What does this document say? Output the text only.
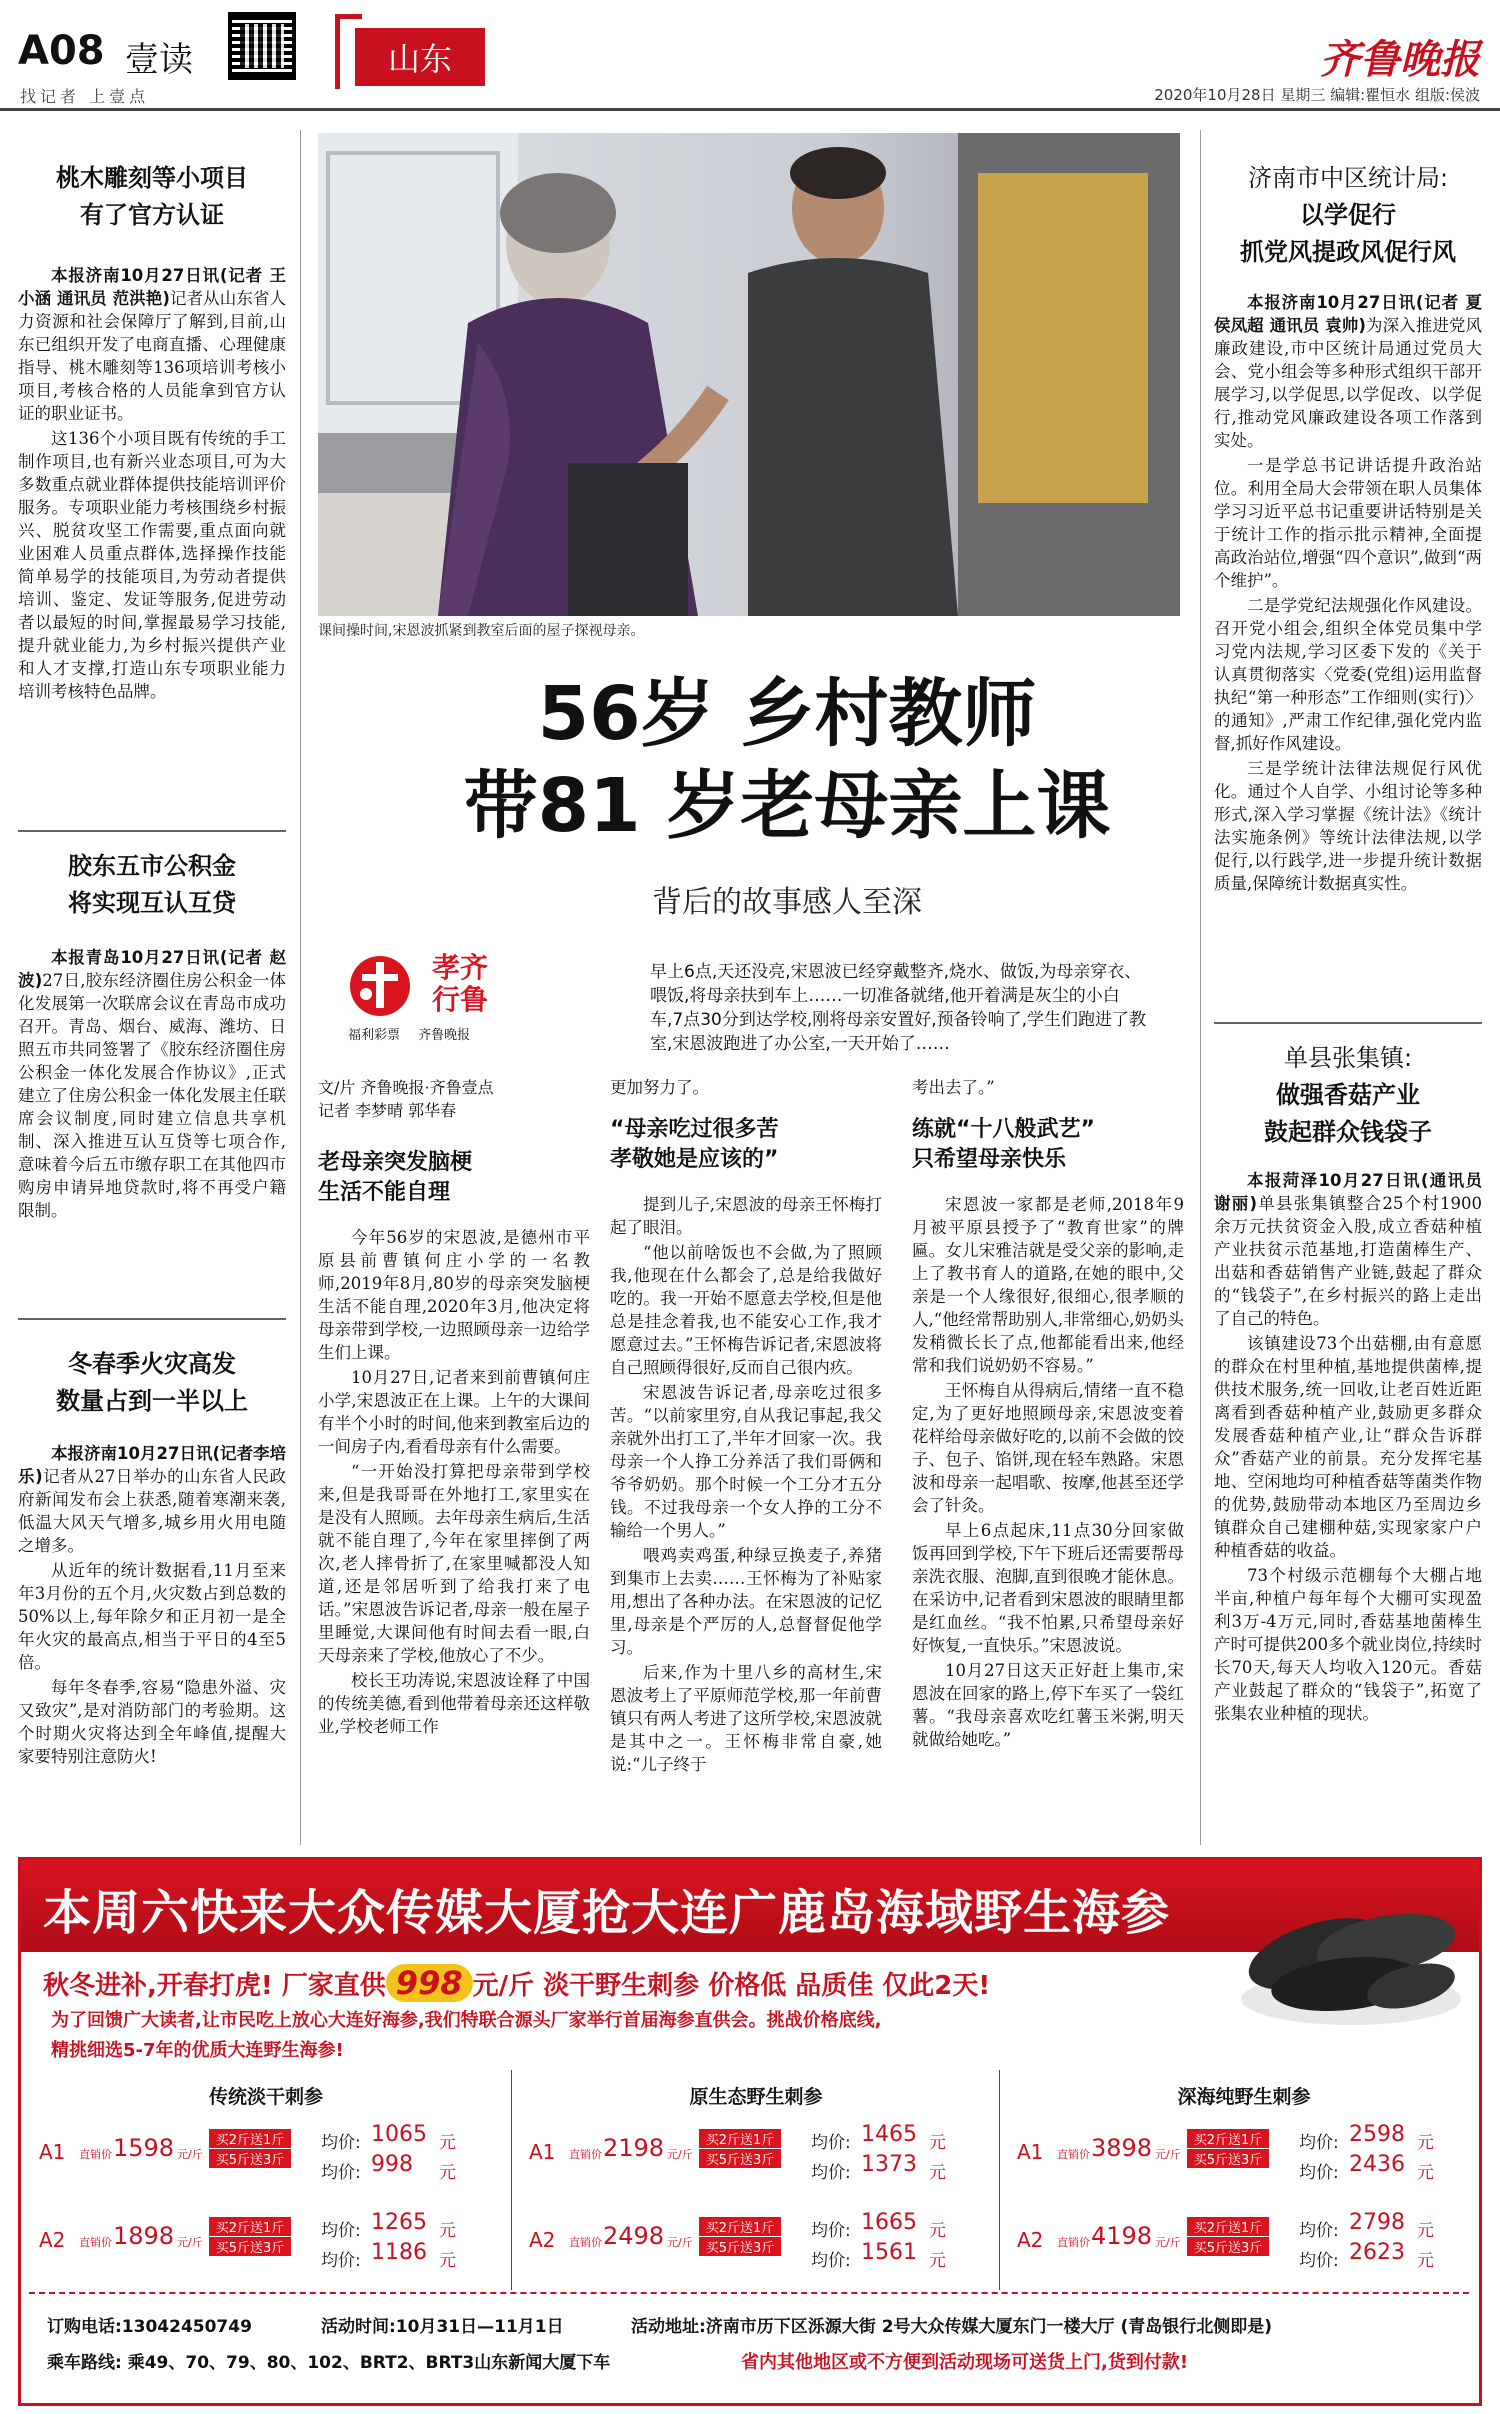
A08 壹读
找记者 上壹点
山东	齐鲁晚报
2020年10月28日 星期三 编辑:瞿恒水 组版:侯波
桃木雕刻等小项目
有了官方认证

本报济南10月27日讯(记者 王小涵 通讯员 范洪艳)记者从山东省人力资源和社会保障厅了解到,目前,山东已组织开发了电商直播、心理健康指导、桃木雕刻等136项培训考核小项目,考核合格的人员能拿到官方认证的职业证书。

这136个小项目既有传统的手工制作项目,也有新兴业态项目,可为大多数重点就业群体提供技能培训评价服务。专项职业能力考核围绕乡村振兴、脱贫攻坚工作需要,重点面向就业困难人员重点群体,选择操作技能简单易学的技能项目,为劳动者提供培训、鉴定、发证等服务,促进劳动者以最短的时间,掌握最易学习技能,提升就业能力,为乡村振兴提供产业和人才支撑,打造山东专项职业能力培训考核特色品牌。

胶东五市公积金
将实现互认互贷

本报青岛10月27日讯(记者 赵波)27日,胶东经济圈住房公积金一体化发展第一次联席会议在青岛市成功召开。青岛、烟台、威海、潍坊、日照五市共同签署了《胶东经济圈住房公积金一体化发展合作协议》,正式建立了住房公积金一体化发展主任联席会议制度,同时建立信息共享机制、深入推进互认互贷等七项合作,意味着今后五市缴存职工在其他四市购房申请异地贷款时,将不再受户籍限制。

冬春季火灾高发
数量占到一半以上

本报济南10月27日讯(记者李培乐)记者从27日举办的山东省人民政府新闻发布会上获悉,随着寒潮来袭,低温大风天气增多,城乡用火用电随之增多。

从近年的统计数据看,11月至来年3月份的五个月,火灾数占到总数的50%以上,每年除夕和正月初一是全年火灾的最高点,相当于平日的4至5倍。

每年冬春季,容易“隐患外溢、灾又致灾”,是对消防部门的考验期。这个时期火灾将达到全年峰值,提醒大家要特别注意防火!

济南市中区统计局:
以学促行
抓党风提政风促行风

本报济南10月27日讯(记者 夏侯凤超 通讯员 袁帅)为深入推进党风廉政建设,市中区统计局通过党员大会、党小组会等多种形式组织干部开展学习,以学促思,以学促改、以学促行,推动党风廉政建设各项工作落到实处。

一是学总书记讲话提升政治站位。利用全局大会带领在职人员集体学习习近平总书记重要讲话特别是关于统计工作的指示批示精神,全面提高政治站位,增强“四个意识”,做到“两个维护”。

二是学党纪法规强化作风建设。召开党小组会,组织全体党员集中学习党内法规,学习区委下发的《关于认真贯彻落实〈党委(党组)运用监督执纪“第一种形态”工作细则(实行)〉的通知》,严肃工作纪律,强化党内监督,抓好作风建设。

三是学统计法律法规促行风优化。通过个人自学、小组讨论等多种形式,深入学习掌握《统计法》《统计法实施条例》等统计法律法规,以学促行,以行践学,进一步提升统计数据质量,保障统计数据真实性。

单县张集镇:
做强香菇产业
鼓起群众钱袋子

本报菏泽10月27日讯(通讯员 谢丽)单县张集镇整合25个村1900余万元扶贫资金入股,成立香菇种植产业扶贫示范基地,打造菌棒生产、出菇和香菇销售产业链,鼓起了群众的“钱袋子”,在乡村振兴的路上走出了自己的特色。

该镇建设73个出菇棚,由有意愿的群众在村里种植,基地提供菌棒,提供技术服务,统一回收,让老百姓近距离看到香菇种植产业,鼓励更多群众发展香菇种植产业,让“群众告诉群众”香菇产业的前景。充分发挥宅基地、空闲地均可种植香菇等菌类作物的优势,鼓励带动本地区乃至周边乡镇群众自己建棚种菇,实现家家户户种植香菇的收益。

73个村级示范棚每个大棚占地半亩,种植户每年每个大棚可实现盈利3万-4万元,同时,香菇基地菌棒生产时可提供200多个就业岗位,持续时长70天,每天人均收入120元。香菇产业鼓起了群众的“钱袋子”,拓宽了张集农业种植的现状。

课间操时间,宋恩波抓紧到教室后面的屋子探视母亲。
56岁 乡村教师
带81 岁老母亲上课
背后的故事感人至深
孝齐
行鲁
福利彩票 齐鲁晚报
早上6点,天还没亮,宋恩波已经穿戴整齐,烧水、做饭,为母亲穿衣、喂饭,将母亲扶到车上……一切准备就绪,他开着满是灰尘的小白车,7点30分到达学校,刚将母亲安置好,预备铃响了,学生们跑进了教室,宋恩波跑进了办公室,一天开始了……
文/片 齐鲁晚报·齐鲁壹点
记者 李梦晴 郭华春
老母亲突发脑梗
生活不能自理

今年56岁的宋恩波,是德州市平原县前曹镇何庄小学的一名教师,2019年8月,80岁的母亲突发脑梗生活不能自理,2020年3月,他决定将母亲带到学校,一边照顾母亲一边给学生们上课。

10月27日,记者来到前曹镇何庄小学,宋恩波正在上课。上午的大课间有半个小时的时间,他来到教室后边的一间房子内,看看母亲有什么需要。

“一开始没打算把母亲带到学校来,但是我哥哥在外地打工,家里实在是没有人照顾。去年母亲生病后,生活就不能自理了,今年在家里摔倒了两次,老人摔骨折了,在家里喊都没人知道,还是邻居听到了给我打来了电话。”宋恩波告诉记者,母亲一般在屋子里睡觉,大课间他有时间去看一眼,白天母亲来了学校,他放心了不少。

校长王功涛说,宋恩波诠释了中国的传统美德,看到他带着母亲还这样敬业,学校老师工作

更加努力了。
“母亲吃过很多苦
孝敬她是应该的”

提到儿子,宋恩波的母亲王怀梅打起了眼泪。

“他以前啥饭也不会做,为了照顾我,他现在什么都会了,总是给我做好吃的。我一开始不愿意去学校,但是他总是挂念着我,也不能安心工作,我才愿意过去。”王怀梅告诉记者,宋恩波将自己照顾得很好,反而自己很内疚。

宋恩波告诉记者,母亲吃过很多苦。“以前家里穷,自从我记事起,我父亲就外出打工了,半年才回家一次。我母亲一个人挣工分养活了我们哥俩和爷爷奶奶。那个时候一个工分才五分钱。不过我母亲一个女人挣的工分不输给一个男人。”

喂鸡卖鸡蛋,种绿豆换麦子,养猪到集市上去卖……王怀梅为了补贴家用,想出了各种办法。在宋恩波的记忆里,母亲是个严厉的人,总督督促他学习。

后来,作为十里八乡的高材生,宋恩波考上了平原师范学校,那一年前曹镇只有两人考进了这所学校,宋恩波就是其中之一。王怀梅非常自豪,她说:“儿子终于

考出去了。”
练就“十八般武艺”
只希望母亲快乐

宋恩波一家都是老师,2018年9月被平原县授予了“教育世家”的牌匾。女儿宋雅洁就是受父亲的影响,走上了教书育人的道路,在她的眼中,父亲是一个人缘很好,很细心,很孝顺的人,“他经常帮助别人,非常细心,奶奶头发稍微长长了点,他都能看出来,他经常和我们说奶奶不容易。”

王怀梅自从得病后,情绪一直不稳定,为了更好地照顾母亲,宋恩波变着花样给母亲做好吃的,以前不会做的饺子、包子、馅饼,现在轻车熟路。宋恩波和母亲一起唱歌、按摩,他甚至还学会了针灸。

早上6点起床,11点30分回家做饭再回到学校,下午下班后还需要帮母亲洗衣服、泡脚,直到很晚才能休息。在采访中,记者看到宋恩波的眼睛里都是红血丝。“我不怕累,只希望母亲好好恢复,一直快乐。”宋恩波说。

10月27日这天正好赶上集市,宋恩波在回家的路上,停下车买了一袋红薯。“我母亲喜欢吃红薯玉米粥,明天就做给她吃。”

本周六快来大众传媒大厦抢大连广鹿岛海域野生海参
秋冬进补,开春打虎! 厂家直供 998 元/斤 淡干野生刺参 价格低 品质佳 仅此2天!
为了回馈广大读者,让市民吃上放心大连好海参,我们特联合源头厂家举行首届海参直供会。挑战价格底线,
精挑细选5-7年的优质大连野生海参!
传统淡干刺参
A1 直销价 1598 元/斤
买2斤送1斤
买5斤送3斤
均价: 1065 元
均价: 998 元
A2 直销价 1898 元/斤
买2斤送1斤
买5斤送3斤
均价: 1265 元
均价: 1186 元
原生态野生刺参
A1 直销价 2198 元/斤
买2斤送1斤
买5斤送3斤
均价: 1465 元
均价: 1373 元
A2 直销价 2498 元/斤
买2斤送1斤
买5斤送3斤
均价: 1665 元
均价: 1561 元
深海纯野生刺参
A1 直销价 3898 元/斤
买2斤送1斤
买5斤送3斤
均价: 2598 元
均价: 2436 元
A2 直销价 4198 元/斤
买2斤送1斤
买5斤送3斤
均价: 2798 元
均价: 2623 元
订购电话:13042450749	活动时间:10月31日—11月1日	活动地址:济南市历下区泺源大街 2号大众传媒大厦东门一楼大厅 (青岛银行北侧即是)
乘车路线: 乘49、70、79、80、102、BRT2、BRT3山东新闻大厦下车	省内其他地区或不方便到活动现场可送货上门,货到付款!
